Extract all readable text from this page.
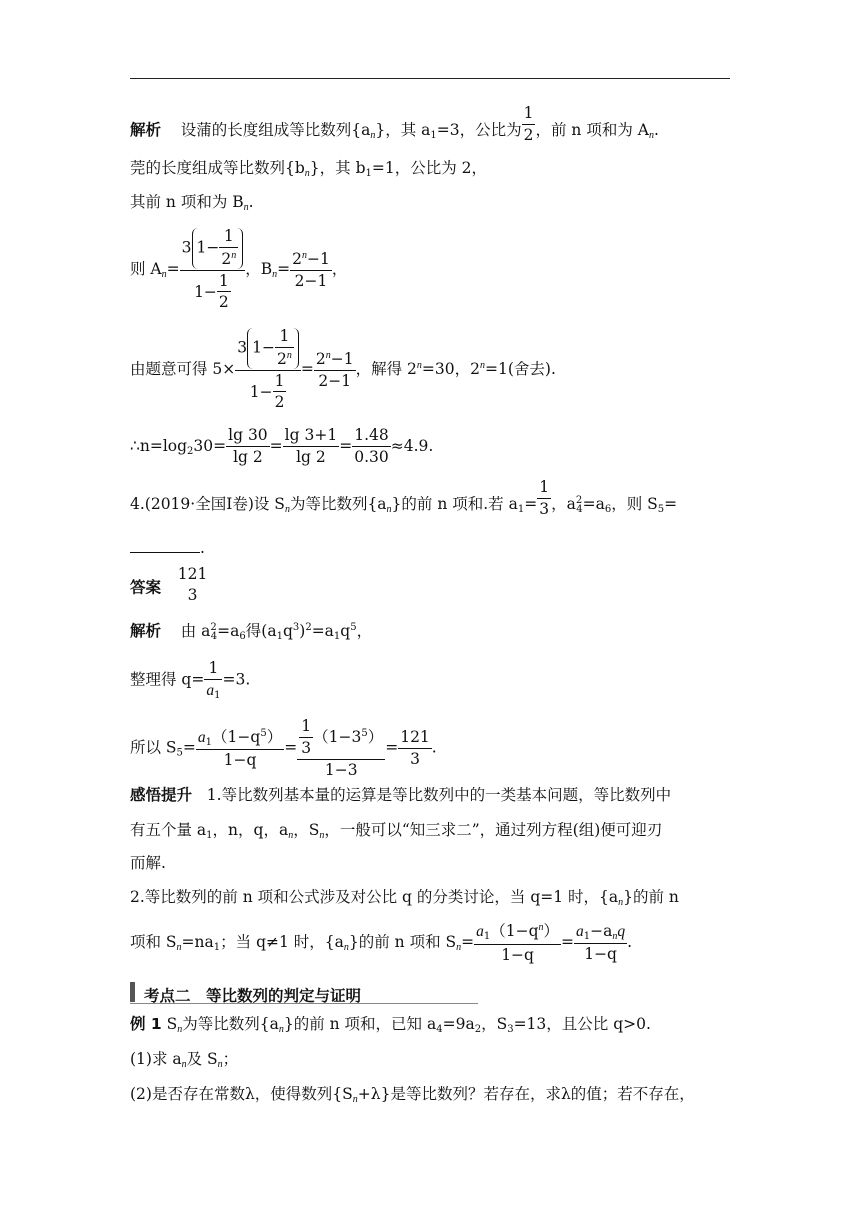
解析 设蒲的长度组成等比数列$\{a_n\}$，其 $a_1=3$，公比为 $\frac{1}{2}$ ，前 n 项和为 $A_n$.
莞的长度组成等比数列$\{b_n\}$，其 $b_1=1$，公比为 2，
其前 n 项和为 $B_n$.
则 $A_n= \frac{3 1- \frac{1}{2^n}}{1- \frac{1}{2}}$ ，$B_n= \frac{2^n-1}{2-1}$ ，
由题意可得 $5\times \frac{3 1- \frac{1}{2^n}}{1- \frac{1}{2}} = \frac{2^n-1}{2-1}$ ，解得 $2^n=30$，$2^n=1$(舍去).
$\therefore n=\log_230= \frac{\lg 30}{\lg 2} = \frac{\lg 3+1}{\lg 2} = \frac{1.48}{0.30} \approx 4.9$.
4.(2019·全国Ⅰ卷)设 $S_n$为等比数列$\{a_n\}$的前 n 项和.若 $a_1= \frac{1}{3}$ ，$a^2_4=a_6$，则 $S_5=$
.
答案
121
3
解析 由 $a^2_4=a_6$得$(a_1q^3)^2=a_1q^5$，
整理得 $q= \frac{1}{a_1} =3$.
所以 $S_5= \frac{a_1(1-q^5)}{1-q} = \frac{\frac{1}{3} (1-3^5)}{1-3} = \frac{121}{3}$ .
感悟提升 1.等比数列基本量的运算是等比数列中的一类基本问题，等比数列中
有五个量 $a_1$，n，q，$a_n$，$S_n$，一般可以“知三求二”，通过列方程(组)便可迎刃
而解.
2.等比数列的前 n 项和公式涉及对公比 q 的分类讨论，当 q=1 时，$\{a_n\}$的前 n
项和 $S_n=na_1$；当 q≠1 时，$\{a_n\}$的前 n 项和 $S_n= \frac{a_1(1-q^n)}{1-q} = \frac{a_1-a_nq}{1-q}$ .
考点二　等比数列的判定与证明
例 1 $S_n$为等比数列$\{a_n\}$的前 n 项和，已知 $a_4=9a_2$，$S_3=13$，且公比 q>0.
(1)求 $a_n$及 $S_n$；
(2)是否存在常数λ，使得数列$\{S_n+\lambda\}$是等比数列？若存在，求λ的值；若不存在，
